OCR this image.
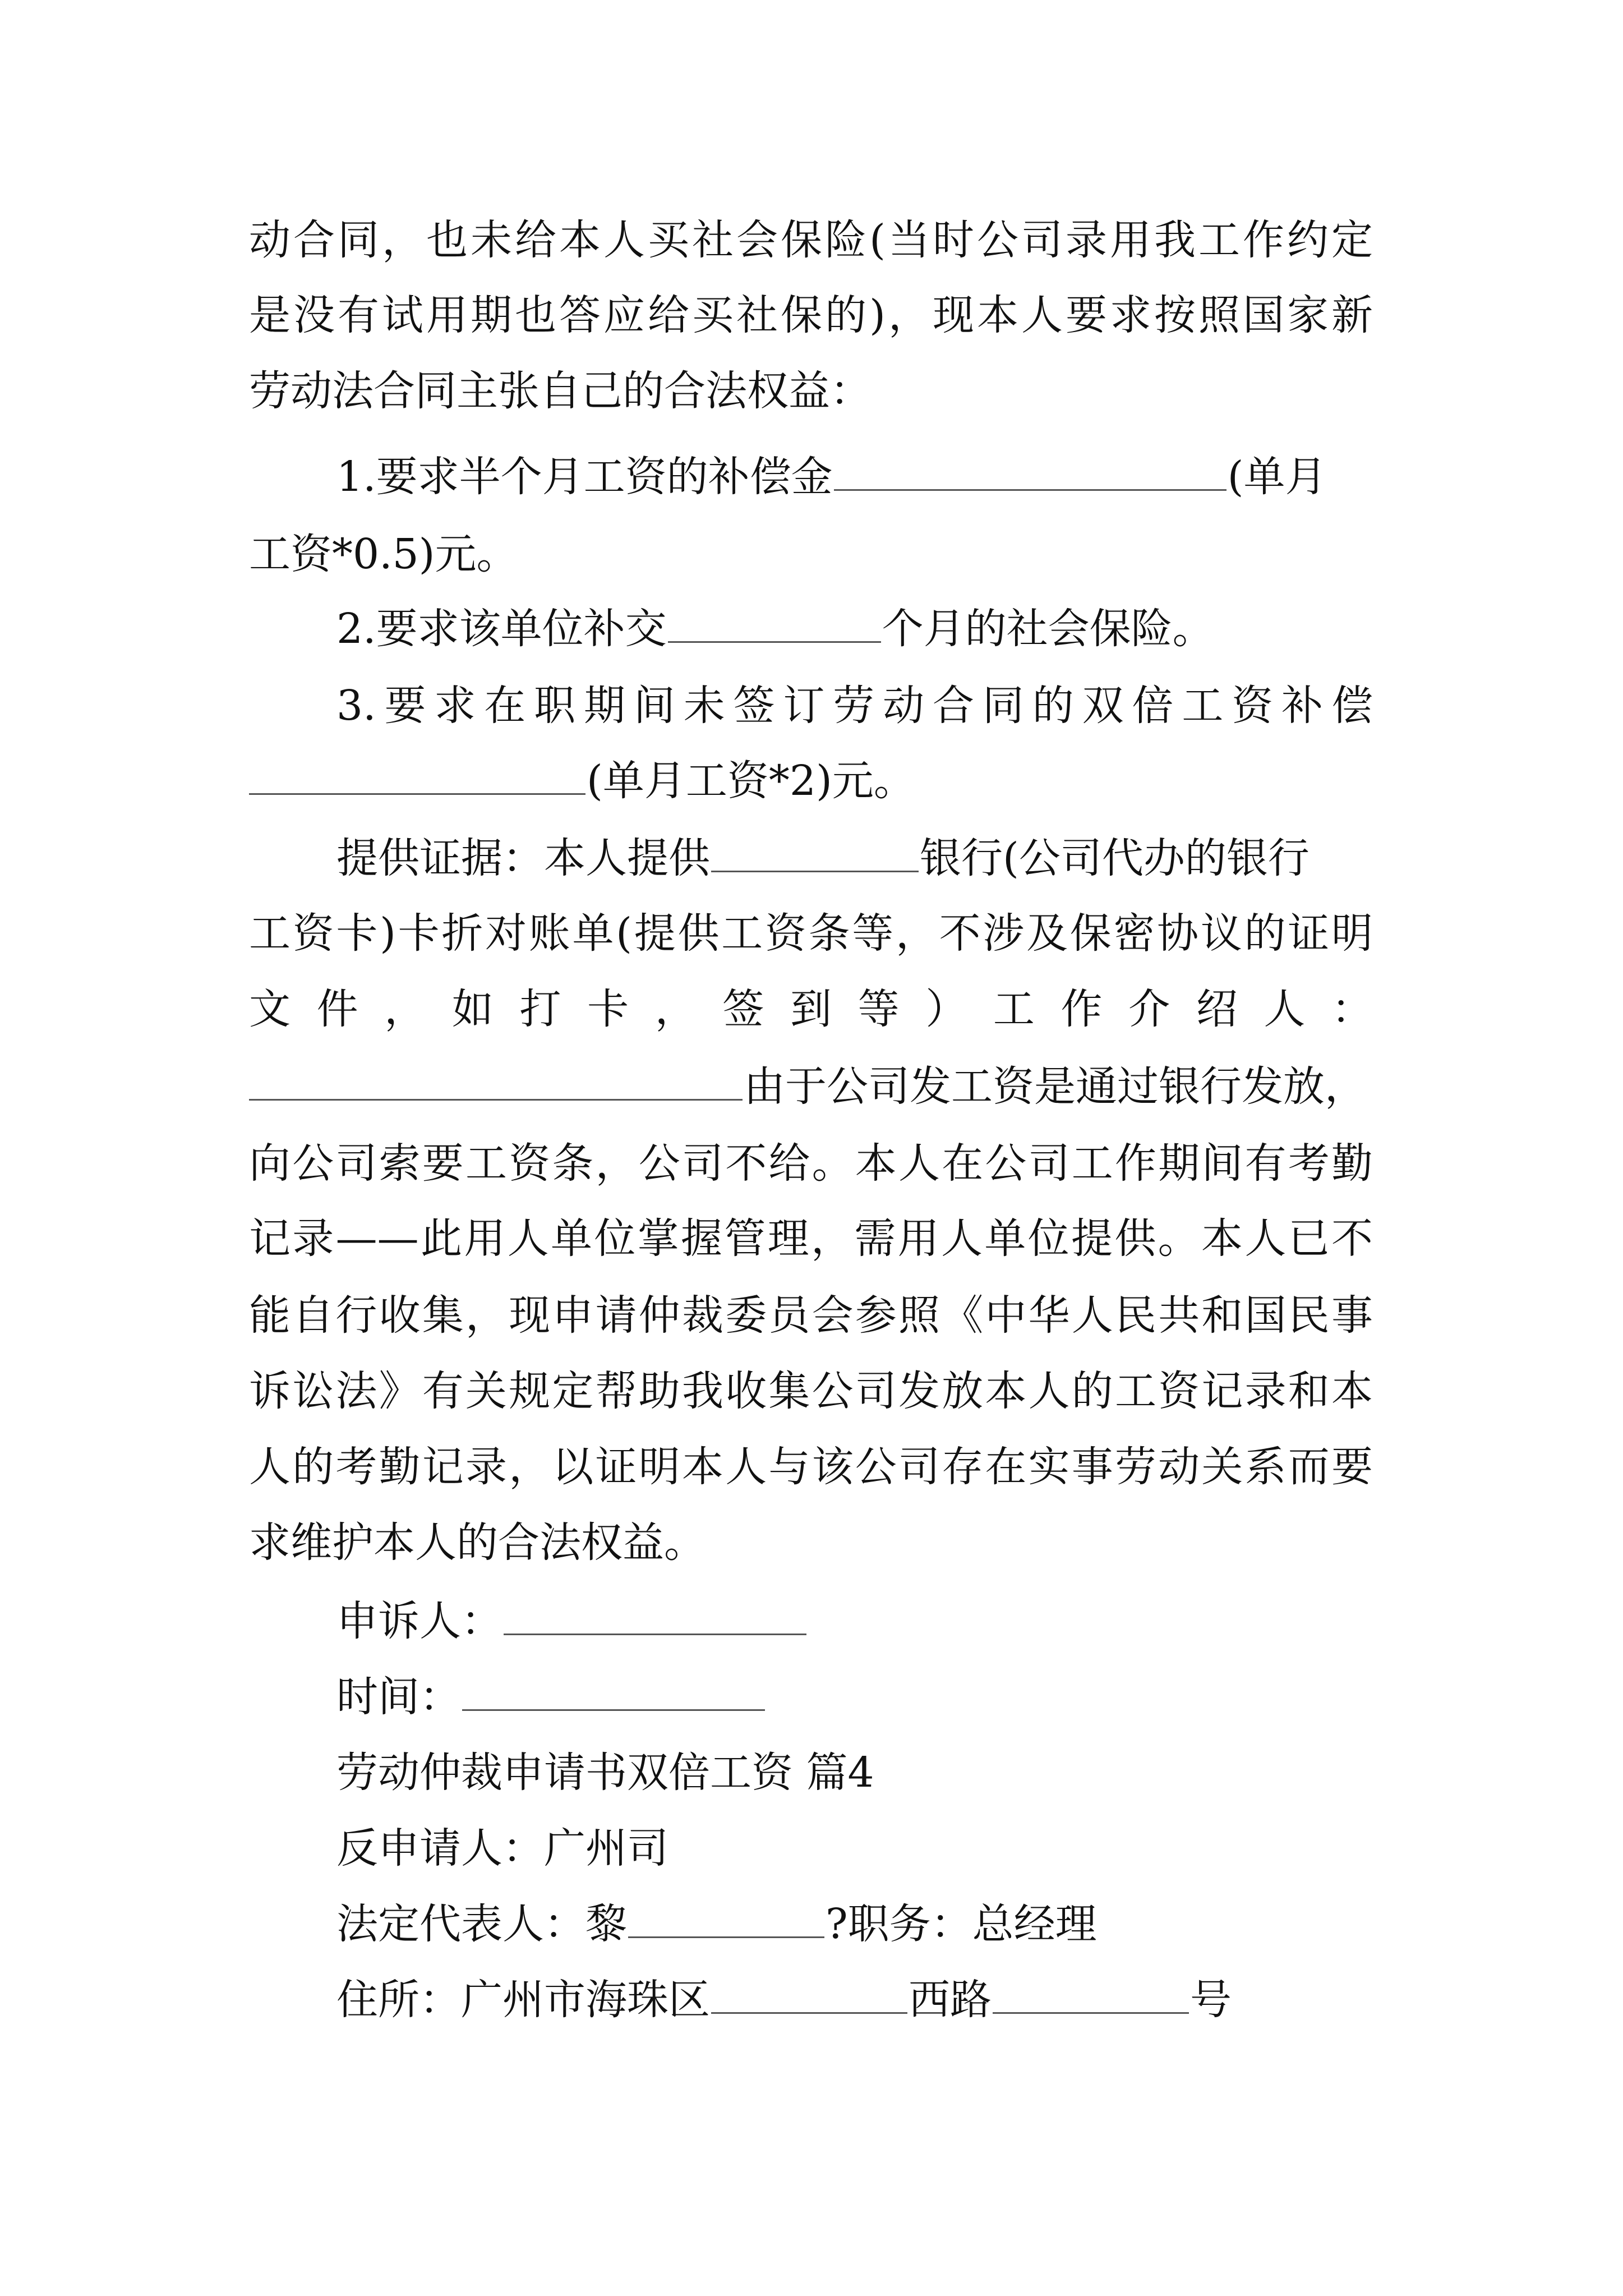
动合同，也未给本人买社会保险(当时公司录用我工作约定
是没有试用期也答应给买社保的)，现本人要求按照国家新
劳动法合同主张自己的合法权益：
1.要求半个月工资的补偿金	(单月
工资*0.5)元。
2.要求该单位补交	个月的社会保险。
3.要求在职期间未签订劳动合同的双倍工资补偿
(单月工资*2)元。
提供证据：本人提供	银行(公司代办的银行
工资卡)卡折对账单(提供工资条等，不涉及保密协议的证明
文件，如打卡，签到等）工作介绍人：
由于公司发工资是通过银行发放，
向公司索要工资条，公司不给。本人在公司工作期间有考勤
记录——此用人单位掌握管理，需用人单位提供。本人已不
能自行收集，现申请仲裁委员会参照《中华人民共和国民事
诉讼法》有关规定帮助我收集公司发放本人的工资记录和本
人的考勤记录，以证明本人与该公司存在实事劳动关系而要
求维护本人的合法权益。
申诉人：
时间：
劳动仲裁申请书双倍工资 篇4
反申请人：广州司
法定代表人：黎	?职务：总经理
住所：广州市海珠区	西路	号
